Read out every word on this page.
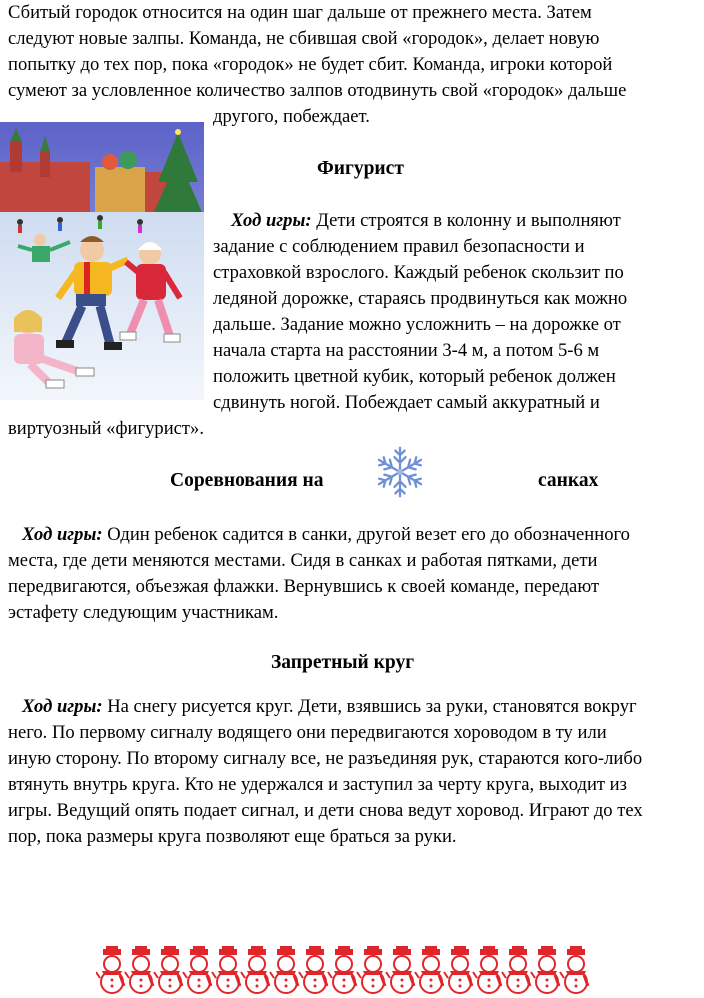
Сбитый городок относится на один шаг дальше от прежнего места. Затем
следуют новые залпы. Команда, не сбившая свой «городок», делает новую
попытку до тех пор, пока «городок» не будет сбит. Команда, игроки которой
сумеют за условленное количество залпов отодвинуть свой «городок» дальше
другого, побеждает.
Фигурист
Ход игры: Дети строятся в колонну и выполняют
задание с соблюдением правил безопасности и
страховкой взрослого. Каждый ребенок скользит по
ледяной дорожке, стараясь продвинуться как можно
дальше. Задание можно усложнить – на дорожке от
начала старта на расстоянии 3-4 м, а потом 5-6 м
положить цветной кубик, который ребенок должен
сдвинуть ногой. Побеждает самый аккуратный и
виртуозный «фигурист».
Соревнования на	санках
Ход игры: Один ребенок садится в санки, другой везет его до обозначенного
места, где дети меняются местами. Сидя в санках и работая пятками, дети
передвигаются, объезжая флажки. Вернувшись к своей команде, передают
эстафету следующим участникам.
Запретный круг
Ход игры: На снегу рисуется круг. Дети, взявшись за руки, становятся вокруг
него. По первому сигналу водящего они передвигаются хороводом в ту или
иную сторону. По второму сигналу все, не разъединяя рук, стараются кого-либо
втянуть внутрь круга. Кто не удержался и заступил за черту круга, выходит из
игры. Ведущий опять подает сигнал, и дети снова ведут хоровод. Играют до тех
пор, пока размеры круга позволяют еще браться за руки.
